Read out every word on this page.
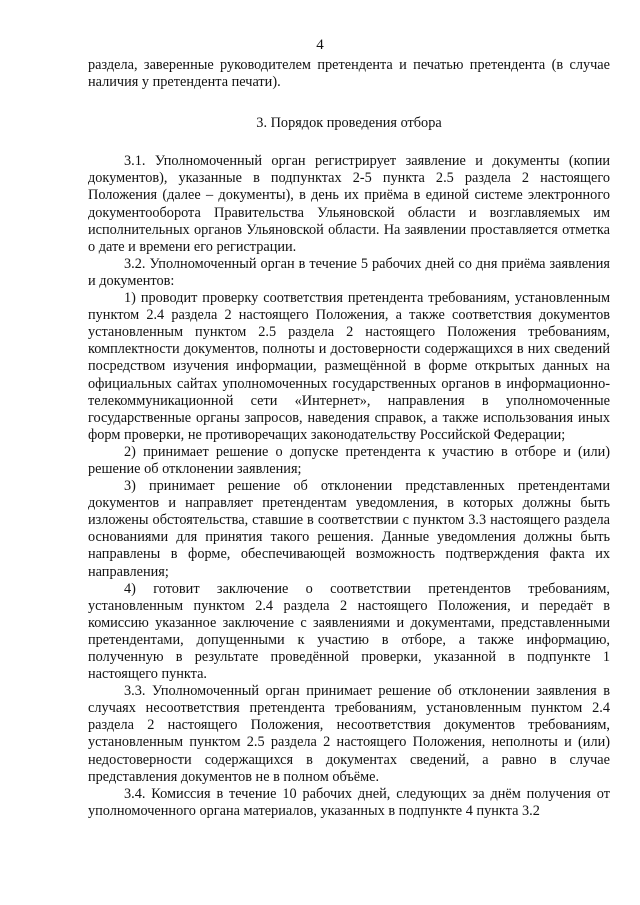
4

раздела, заверенные руководителем претендента и печатью претендента (в случае наличия у претендента печати).

3. Порядок проведения отбора

3.1. Уполномоченный орган регистрирует заявление и документы (копии документов), указанные в подпунктах 2-5 пункта 2.5 раздела 2 настоящего Положения (далее – документы), в день их приёма в единой системе электронного документооборота Правительства Ульяновской области и возглавляемых им исполнительных органов Ульяновской области. На заявлении проставляется отметка о дате и времени его регистрации.

3.2. Уполномоченный орган в течение 5 рабочих дней со дня приёма заявления и документов:

1) проводит проверку соответствия претендента требованиям, установленным пунктом 2.4 раздела 2 настоящего Положения, а также соответствия документов установленным пунктом 2.5 раздела 2 настоящего Положения требованиям, комплектности документов, полноты и достоверности содержащихся в них сведений посредством изучения информации, размещённой в форме открытых данных на официальных сайтах уполномоченных государственных органов в информационно-телекоммуникационной сети «Интернет», направления в уполномоченные государственные органы запросов, наведения справок, а также использования иных форм проверки, не противоречащих законодательству Российской Федерации;

2) принимает решение о допуске претендента к участию в отборе и (или) решение об отклонении заявления;

3) принимает решение об отклонении представленных претендентами документов и направляет претендентам уведомления, в которых должны быть изложены обстоятельства, ставшие в соответствии с пунктом 3.3 настоящего раздела основаниями для принятия такого решения. Данные уведомления должны быть направлены в форме, обеспечивающей возможность подтверждения факта их направления;

4) готовит заключение о соответствии претендентов требованиям, установленным пунктом 2.4 раздела 2 настоящего Положения, и передаёт в комиссию указанное заключение с заявлениями и документами, представленными претендентами, допущенными к участию в отборе, а также информацию, полученную в результате проведённой проверки, указанной в подпункте 1 настоящего пункта.

3.3. Уполномоченный орган принимает решение об отклонении заявления в случаях несоответствия претендента требованиям, установленным пунктом 2.4 раздела 2 настоящего Положения, несоответствия документов требованиям, установленным пунктом 2.5 раздела 2 настоящего Положения, неполноты и (или) недостоверности содержащихся в документах сведений, а равно в случае представления документов не в полном объёме.

3.4. Комиссия в течение 10 рабочих дней, следующих за днём получения от уполномоченного органа материалов, указанных в подпункте 4 пункта 3.2
